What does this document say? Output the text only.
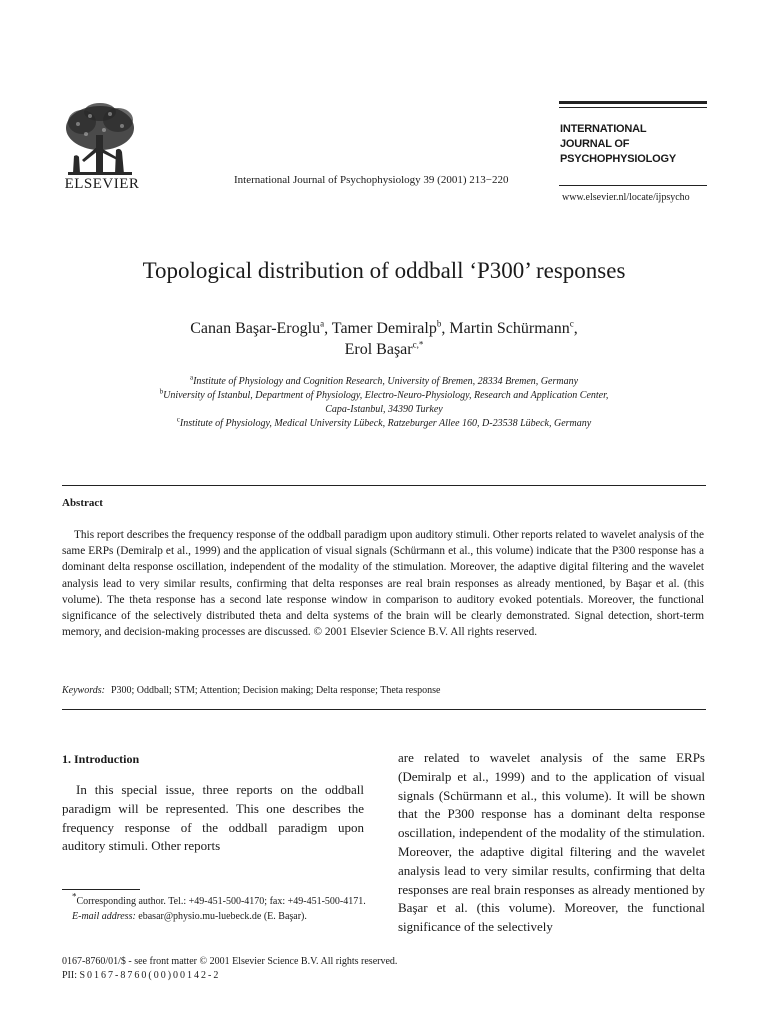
ELSEVIER	International Journal of Psychophysiology 39 (2001) 213−220
INTERNATIONAL
JOURNAL OF
PSYCHOPHYSIOLOGY
www.elsevier.nl/locate/ijpsycho
Topological distribution of oddball ‘P300’ responses
Canan Başar-Eroglu$^a$, Tamer Demiralp$^b$, Martin Schürmann$^c$,
Erol Başar$^{c,*}$
$^a$Institute of Physiology and Cognition Research, University of Bremen, 28334 Bremen, Germany
$^b$University of Istanbul, Department of Physiology, Electro-Neuro-Physiology, Research and Application Center,
Capa-Istanbul, 34390 Turkey
$^c$Institute of Physiology, Medical University Lübeck, Ratzeburger Allee 160, D-23538 Lübeck, Germany
Abstract
This report describes the frequency response of the oddball paradigm upon auditory stimuli. Other reports related to wavelet analysis of the same ERPs (Demiralp et al., 1999) and the application of visual signals (Schürmann et al., this volume) indicate that the P300 response has a dominant delta response oscillation, independent of the modality of the stimulation. Moreover, the adaptive digital filtering and the wavelet analysis lead to very similar results, confirming that delta responses are real brain responses as already mentioned, by Başar et al. (this volume). The theta response has a second late response window in comparison to auditory evoked potentials. Moreover, the functional significance of the selectively distributed theta and delta systems of the brain will be clearly demonstrated. Signal detection, short-term memory, and decision-making processes are discussed. © 2001 Elsevier Science B.V. All rights reserved.
Keywords: P300; Oddball; STM; Attention; Decision making; Delta response; Theta response
1. Introduction
In this special issue, three reports on the oddball paradigm will be represented. This one describes the frequency response of the oddball paradigm upon auditory stimuli. Other reports
are related to wavelet analysis of the same ERPs (Demiralp et al., 1999) and to the application of visual signals (Schürmann et al., this volume). It will be shown that the P300 response has a dominant delta response oscillation, independent of the modality of the stimulation. Moreover, the adaptive digital filtering and the wavelet analysis lead to very similar results, confirming that delta responses are real brain responses as already mentioned by Başar et al. (this volume). Moreover, the functional significance of the selectively
*Corresponding author. Tel.: +49-451-500-4170; fax: +49-451-500-4171.
E-mail address: ebasar@physio.mu-luebeck.de (E. Başar).
0167-8760/01/$ - see front matter © 2001 Elsevier Science B.V. All rights reserved.
PII: S0167-8760(00)00142-2
